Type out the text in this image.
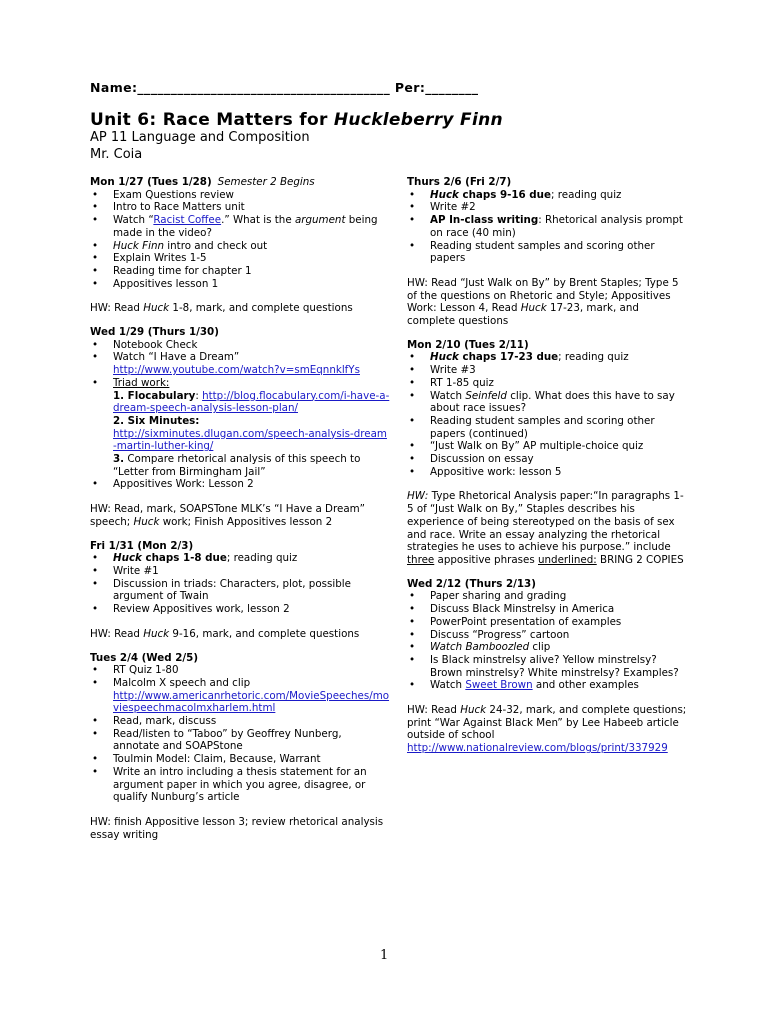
Name:______________________________________ Per:________
Unit 6: Race Matters for Huckleberry Finn
AP 11 Language and Composition
Mr. Coia

Mon 1/27 (Tues 1/28) Semester 2 Begins

• Exam Questions review
• Intro to Race Matters unit
• Watch “Racist Coffee.” What is the argument being made in the video?
• Huck Finn intro and check out
• Explain Writes 1-5
• Reading time for chapter 1
• Appositives lesson 1

HW: Read Huck 1-8, mark, and complete questions

Wed 1/29 (Thurs 1/30)

• Notebook Check
• Watch “I Have a Dream”
http://www.youtube.com/watch?v=smEqnnklfYs
• Triad work:
1. Flocabulary: http://blog.flocabulary.com/i-have-a-dream-speech-analysis-lesson-plan/
2. Six Minutes:
http://sixminutes.dlugan.com/speech-analysis-dream-martin-luther-king/
3. Compare rhetorical analysis of this speech to “Letter from Birmingham Jail”
• Appositives Work: Lesson 2

HW: Read, mark, SOAPSTone MLK’s “I Have a Dream” speech; Huck work; Finish Appositives lesson 2

Fri 1/31 (Mon 2/3)

• Huck chaps 1-8 due; reading quiz
• Write #1
• Discussion in triads: Characters, plot, possible argument of Twain
• Review Appositives work, lesson 2

HW: Read Huck 9-16, mark, and complete questions

Tues 2/4 (Wed 2/5)

• RT Quiz 1-80
• Malcolm X speech and clip
http://www.americanrhetoric.com/MovieSpeeches/moviespeechmacolmxharlem.html
• Read, mark, discuss
• Read/listen to “Taboo” by Geoffrey Nunberg, annotate and SOAPStone
• Toulmin Model: Claim, Because, Warrant
• Write an intro including a thesis statement for an argument paper in which you agree, disagree, or qualify Nunburg’s article

HW: finish Appositive lesson 3; review rhetorical analysis essay writing

Thurs 2/6 (Fri 2/7)

• Huck chaps 9-16 due; reading quiz
• Write #2
• AP In-class writing: Rhetorical analysis prompt on race (40 min)
• Reading student samples and scoring other papers

HW: Read “Just Walk on By” by Brent Staples; Type 5 of the questions on Rhetoric and Style; Appositives Work: Lesson 4, Read Huck 17-23, mark, and complete questions

Mon 2/10 (Tues 2/11)

• Huck chaps 17-23 due; reading quiz
• Write #3
• RT 1-85 quiz
• Watch Seinfeld clip. What does this have to say about race issues?
• Reading student samples and scoring other papers (continued)
• “Just Walk on By” AP multiple-choice quiz
• Discussion on essay
• Appositive work: lesson 5

HW: Type Rhetorical Analysis paper:“In paragraphs 1-5 of “Just Walk on By,” Staples describes his experience of being stereotyped on the basis of sex and race. Write an essay analyzing the rhetorical strategies he uses to achieve his purpose.” include three appositive phrases underlined: BRING 2 COPIES

Wed 2/12 (Thurs 2/13)

• Paper sharing and grading
• Discuss Black Minstrelsy in America
• PowerPoint presentation of examples
• Discuss “Progress” cartoon
• Watch Bamboozled clip
• Is Black minstrelsy alive? Yellow minstrelsy? Brown minstrelsy? White minstrelsy? Examples?
• Watch Sweet Brown and other examples

HW: Read Huck 24-32, mark, and complete questions; print “War Against Black Men” by Lee Habeeb article outside of school
http://www.nationalreview.com/blogs/print/337929

1
